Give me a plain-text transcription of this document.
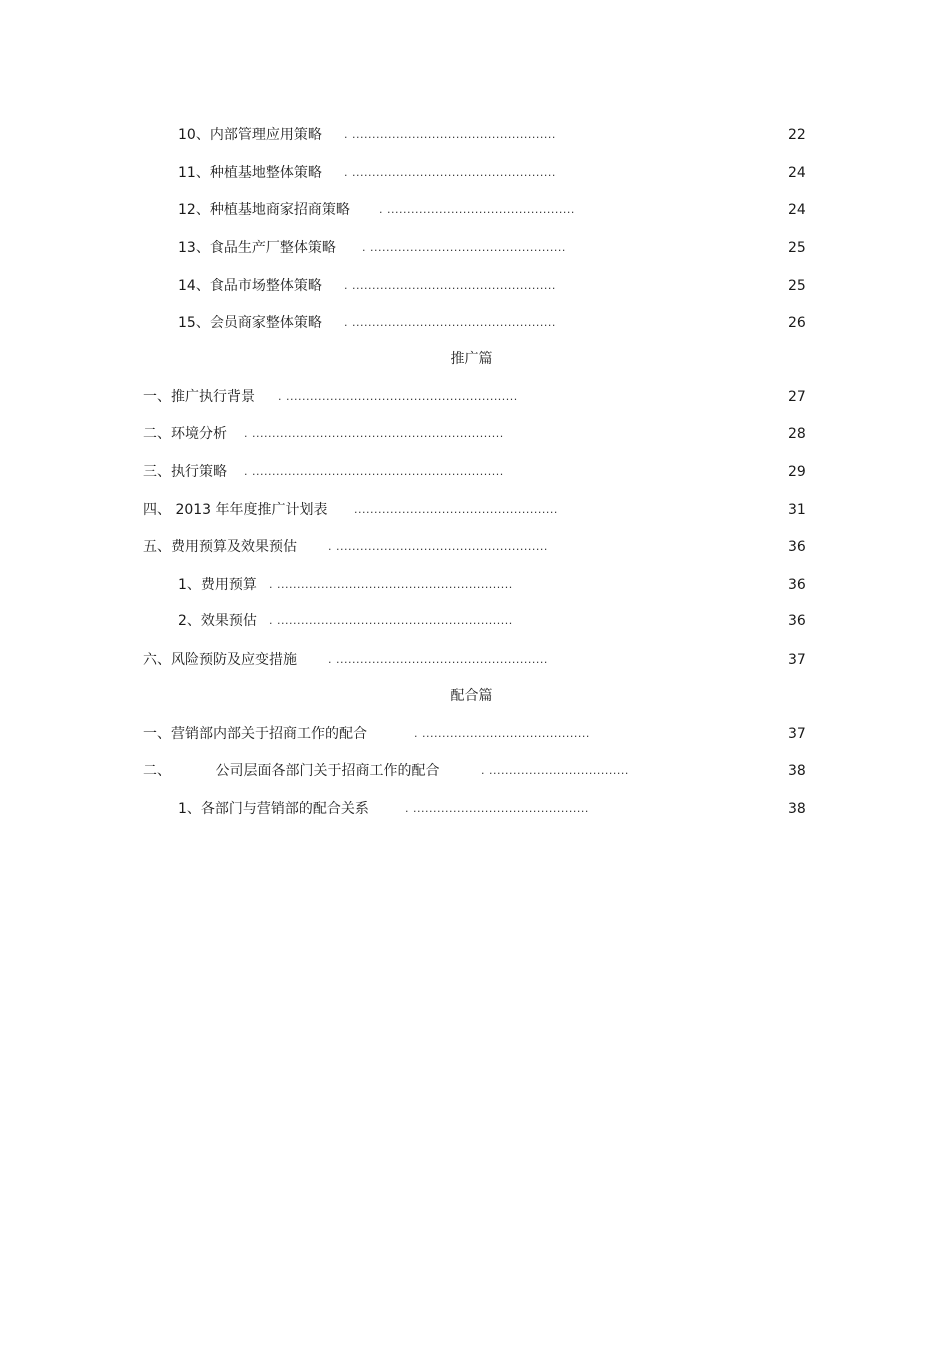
10、内部管理应用策略 . ...................................................	22
11、种植基地整体策略 . ...................................................	24
12、种植基地商家招商策略	. ...............................................	24
13、食品生产厂整体策略 . .................................................	25
14、食品市场整体策略 . ...................................................	25
15、会员商家整体策略 . ...................................................	26
推广篇
一、推广执行背景 . ..........................................................	27
二、环境分析 . ...............................................................	28
三、执行策略 . ...............................................................	29
四、 2013 年年度推广计划表 ...................................................	31
五、费用预算及效果预估	. .....................................................	36
1、费用预算 . ...........................................................	36
2、效果预估 . ...........................................................	36
六、风险预防及应变措施	. .....................................................	37
配合篇
一、营销部内部关于招商工作的配合	. ..........................................	37
二、          公司层面各部门关于招商工作的配合	. ...................................	38
1、各部门与营销部的配合关系	. ............................................	38
